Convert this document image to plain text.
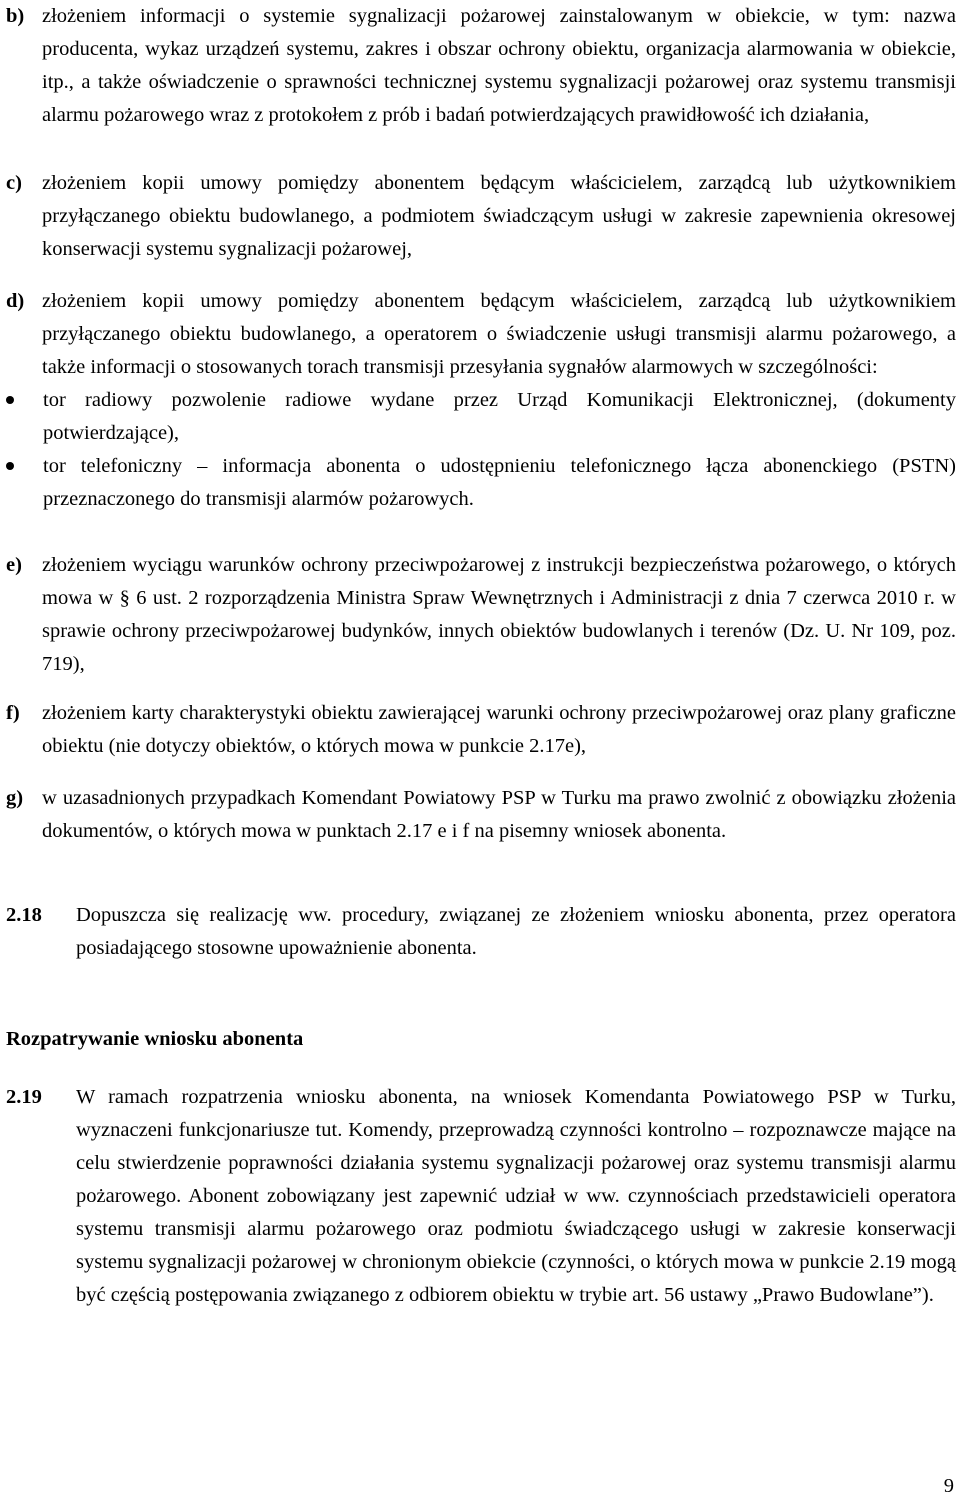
b) złożeniem informacji o systemie sygnalizacji pożarowej zainstalowanym w obiekcie, w tym: nazwa producenta, wykaz urządzeń systemu, zakres i obszar ochrony obiektu, organizacja alarmowania w obiekcie, itp., a także oświadczenie o sprawności technicznej systemu sygnalizacji pożarowej oraz systemu transmisji alarmu pożarowego wraz z protokołem z prób i badań potwierdzających prawidłowość ich działania,
c) złożeniem kopii umowy pomiędzy abonentem będącym właścicielem, zarządcą lub użytkownikiem przyłączanego obiektu budowlanego, a podmiotem świadczącym usługi w zakresie zapewnienia okresowej konserwacji systemu sygnalizacji pożarowej,
d) złożeniem kopii umowy pomiędzy abonentem będącym właścicielem, zarządcą lub użytkownikiem przyłączanego obiektu budowlanego, a operatorem o świadczenie usługi transmisji alarmu pożarowego, a także informacji o stosowanych torach transmisji przesyłania sygnałów alarmowych w szczególności:
tor radiowy pozwolenie radiowe wydane przez Urząd Komunikacji Elektronicznej, (dokumenty potwierdzające),
tor telefoniczny – informacja abonenta o udostępnieniu telefonicznego łącza abonenckiego (PSTN) przeznaczonego do transmisji alarmów pożarowych.
e) złożeniem wyciągu warunków ochrony przeciwpożarowej z instrukcji bezpieczeństwa pożarowego, o których mowa w § 6 ust. 2 rozporządzenia Ministra Spraw Wewnętrznych i Administracji z dnia 7 czerwca 2010 r. w sprawie ochrony przeciwpożarowej budynków, innych obiektów budowlanych i terenów (Dz. U. Nr 109, poz. 719),
f) złożeniem karty charakterystyki obiektu zawierającej warunki ochrony przeciwpożarowej oraz plany graficzne obiektu (nie dotyczy obiektów, o których mowa w punkcie 2.17e),
g) w uzasadnionych przypadkach Komendant Powiatowy PSP w Turku ma prawo zwolnić z obowiązku złożenia dokumentów, o których mowa w punktach 2.17 e i f na pisemny wniosek abonenta.
2.18 Dopuszcza się realizację ww. procedury, związanej ze złożeniem wniosku abonenta, przez operatora posiadającego stosowne upoważnienie abonenta.
Rozpatrywanie wniosku abonenta
2.19 W ramach rozpatrzenia wniosku abonenta, na wniosek Komendanta Powiatowego PSP w Turku, wyznaczeni funkcjonariusze tut. Komendy, przeprowadzą czynności kontrolno – rozpoznawcze mające na celu stwierdzenie poprawności działania systemu sygnalizacji pożarowej oraz systemu transmisji alarmu pożarowego. Abonent zobowiązany jest zapewnić udział w ww. czynnościach przedstawicieli operatora systemu transmisji alarmu pożarowego oraz podmiotu świadczącego usługi w zakresie konserwacji systemu sygnalizacji pożarowej w chronionym obiekcie (czynności, o których mowa w punkcie 2.19 mogą być częścią postępowania związanego z odbiorem obiektu w trybie art. 56 ustawy „Prawo Budowlane”).
9
